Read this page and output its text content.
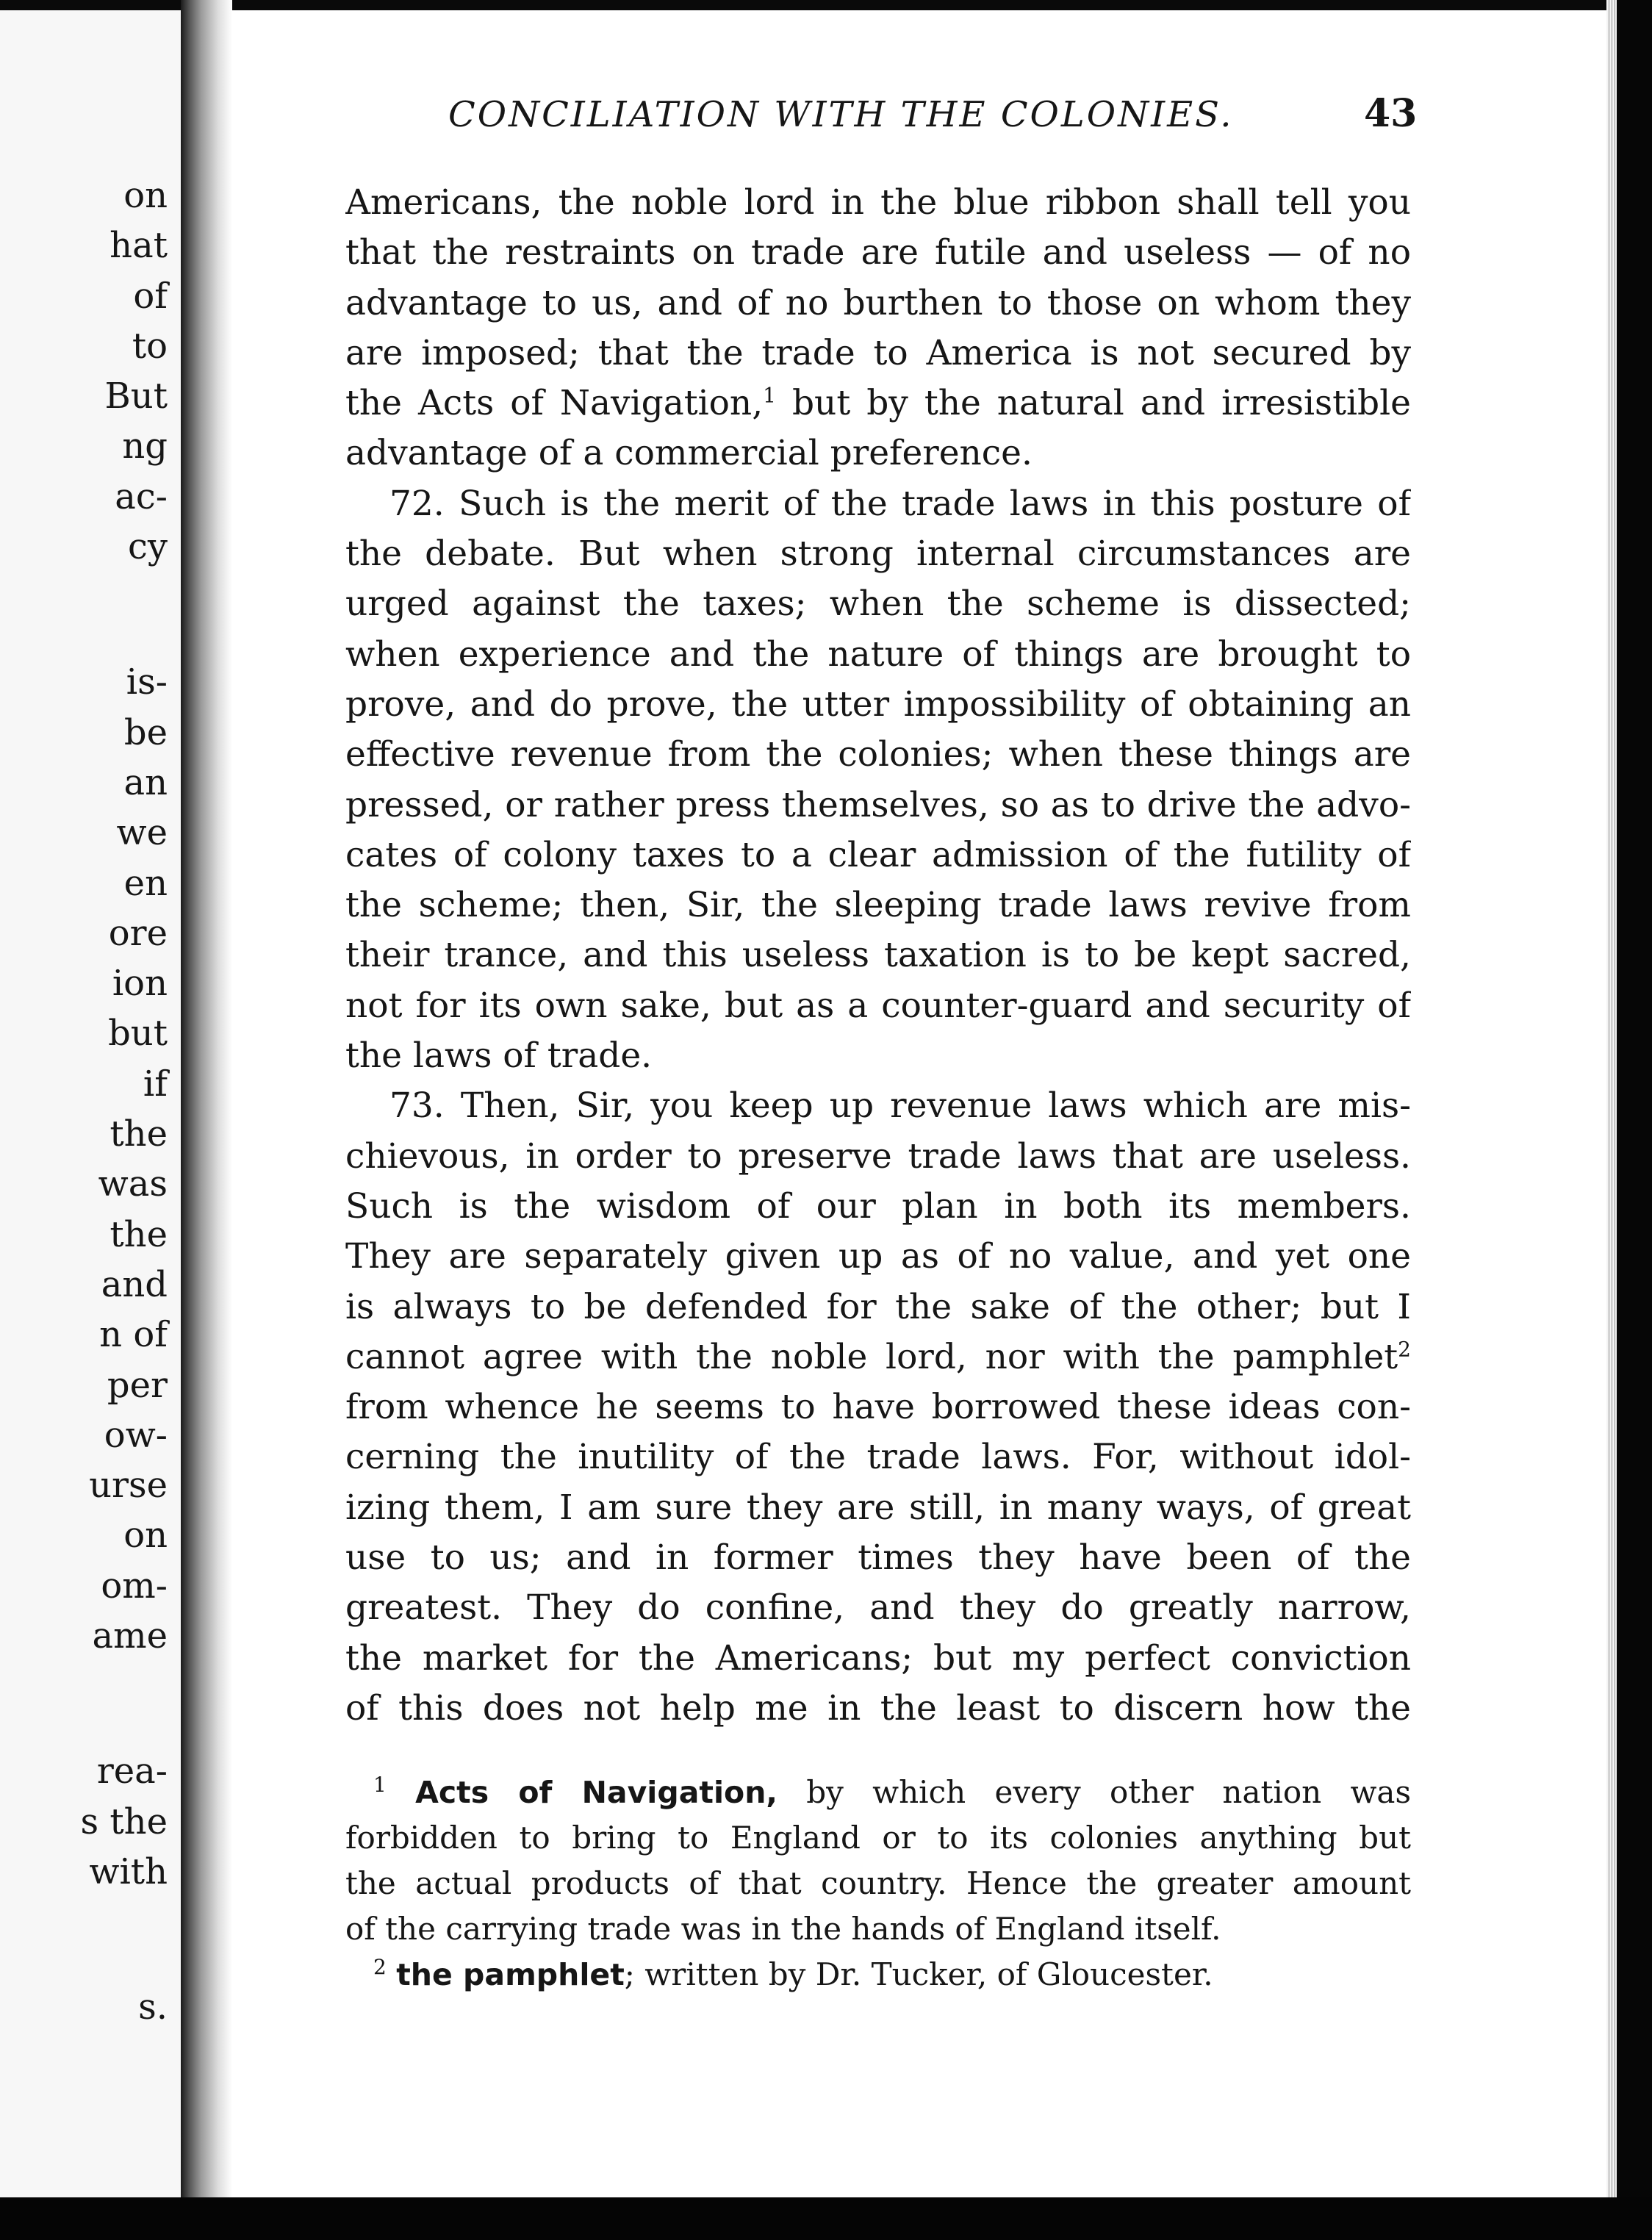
on
hat
of
to
But
ng
ac-
cy
is-
be
an
we
en
ore
ion
but
if
the
was
the
and
n of
per
ow-
urse
on
om-
ame
rea-
s the
with
s.
CONCILIATION WITH THE COLONIES.	43
Americans, the noble lord in the blue ribbon shall tell you
that the restraints on trade are futile and useless — of no
advantage to us, and of no burthen to those on whom they
are imposed; that the trade to America is not secured by
the Acts of Navigation,$^1$ but by the natural and irresistible
advantage of a commercial preference.
72. Such is the merit of the trade laws in this posture of
the debate. But when strong internal circumstances are
urged against the taxes; when the scheme is dissected;
when experience and the nature of things are brought to
prove, and do prove, the utter impossibility of obtaining an
effective revenue from the colonies; when these things are
pressed, or rather press themselves, so as to drive the advo-
cates of colony taxes to a clear admission of the futility of
the scheme; then, Sir, the sleeping trade laws revive from
their trance, and this useless taxation is to be kept sacred,
not for its own sake, but as a counter-guard and security of
the laws of trade.
73. Then, Sir, you keep up revenue laws which are mis-
chievous, in order to preserve trade laws that are useless.
Such is the wisdom of our plan in both its members.
They are separately given up as of no value, and yet one
is always to be defended for the sake of the other; but I
cannot agree with the noble lord, nor with the pamphlet$^2$
from whence he seems to have borrowed these ideas con-
cerning the inutility of the trade laws. For, without idol-
izing them, I am sure they are still, in many ways, of great
use to us; and in former times they have been of the
greatest. They do confine, and they do greatly narrow,
the market for the Americans; but my perfect conviction
of this does not help me in the least to discern how the
$^1$ Acts of Navigation, by which every other nation was
forbidden to bring to England or to its colonies anything but
the actual products of that country. Hence the greater amount
of the carrying trade was in the hands of England itself.
$^2$ the pamphlet; written by Dr. Tucker, of Gloucester.
